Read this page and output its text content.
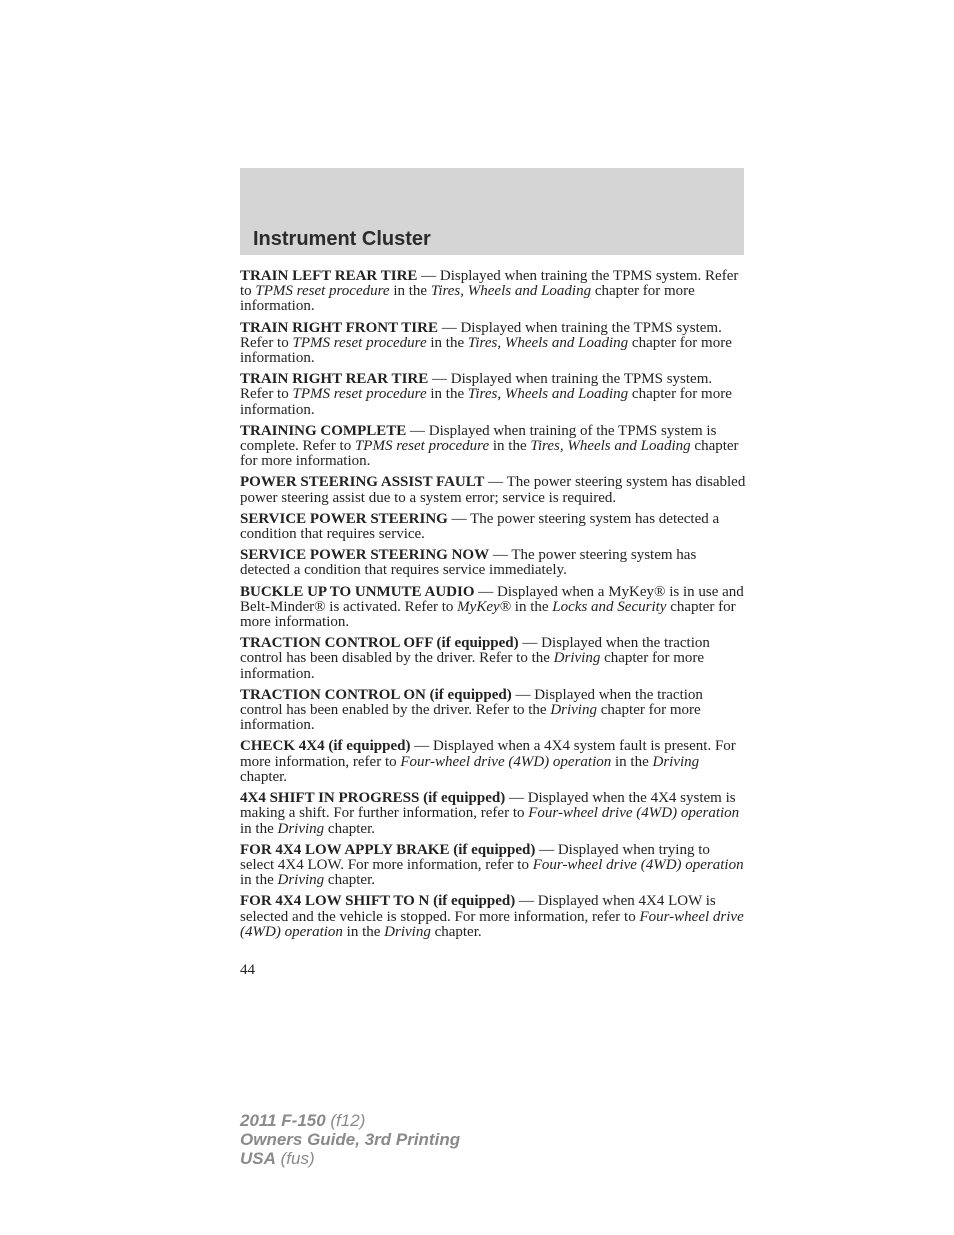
Instrument Cluster

TRAIN LEFT REAR TIRE — Displayed when training the TPMS system. Refer to TPMS reset procedure in the Tires, Wheels and Loading chapter for more information.

TRAIN RIGHT FRONT TIRE — Displayed when training the TPMS system. Refer to TPMS reset procedure in the Tires, Wheels and Loading chapter for more information.

TRAIN RIGHT REAR TIRE — Displayed when training the TPMS system. Refer to TPMS reset procedure in the Tires, Wheels and Loading chapter for more information.

TRAINING COMPLETE — Displayed when training of the TPMS system is complete. Refer to TPMS reset procedure in the Tires, Wheels and Loading chapter for more information.

POWER STEERING ASSIST FAULT — The power steering system has disabled power steering assist due to a system error; service is required.

SERVICE POWER STEERING — The power steering system has detected a condition that requires service.

SERVICE POWER STEERING NOW — The power steering system has detected a condition that requires service immediately.

BUCKLE UP TO UNMUTE AUDIO — Displayed when a MyKey® is in use and Belt-Minder® is activated. Refer to MyKey® in the Locks and Security chapter for more information.

TRACTION CONTROL OFF (if equipped) — Displayed when the traction control has been disabled by the driver. Refer to the Driving chapter for more information.

TRACTION CONTROL ON (if equipped) — Displayed when the traction control has been enabled by the driver. Refer to the Driving chapter for more information.

CHECK 4X4 (if equipped) — Displayed when a 4X4 system fault is present. For more information, refer to Four-wheel drive (4WD) operation in the Driving chapter.

4X4 SHIFT IN PROGRESS (if equipped) — Displayed when the 4X4 system is making a shift. For further information, refer to Four-wheel drive (4WD) operation in the Driving chapter.

FOR 4X4 LOW APPLY BRAKE (if equipped) — Displayed when trying to select 4X4 LOW. For more information, refer to Four-wheel drive (4WD) operation in the Driving chapter.

FOR 4X4 LOW SHIFT TO N (if equipped) — Displayed when 4X4 LOW is selected and the vehicle is stopped. For more information, refer to Four-wheel drive (4WD) operation in the Driving chapter.

44
2011 F-150 (f12)
Owners Guide, 3rd Printing
USA (fus)
